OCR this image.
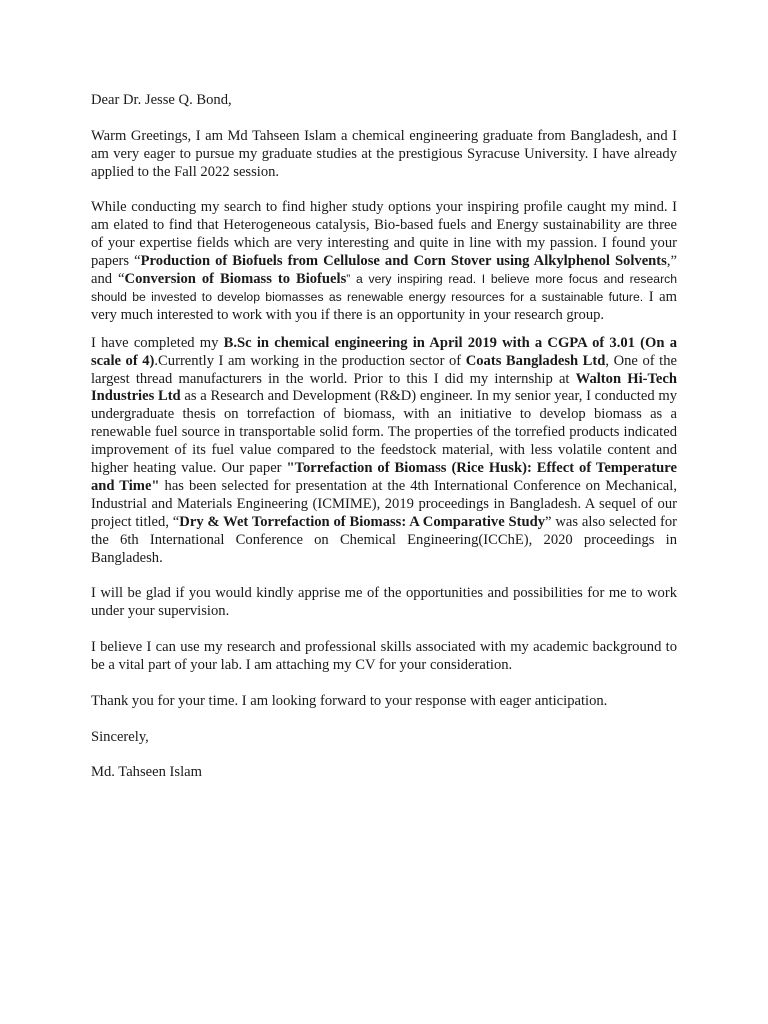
Dear Dr. Jesse Q. Bond,

Warm Greetings, I am Md Tahseen Islam a chemical engineering graduate from Bangladesh, and I am very eager to pursue my graduate studies at the prestigious Syracuse University. I have already applied to the Fall 2022 session.

While conducting my search to find higher study options your inspiring profile caught my mind. I am elated to find that Heterogeneous catalysis, Bio-based fuels and Energy sustainability are three of your expertise fields which are very interesting and quite in line with my passion. I found your papers “Production of Biofuels from Cellulose and Corn Stover using Alkylphenol Solvents,” and “Conversion of Biomass to Biofuels” a very inspiring read. I believe more focus and research should be invested to develop biomasses as renewable energy resources for a sustainable future. I am very much interested to work with you if there is an opportunity in your research group.

I have completed my B.Sc in chemical engineering in April 2019 with a CGPA of 3.01 (On a scale of 4).Currently I am working in the production sector of Coats Bangladesh Ltd, One of the largest thread manufacturers in the world. Prior to this I did my internship at Walton Hi-Tech Industries Ltd as a Research and Development (R&D) engineer. In my senior year, I conducted my undergraduate thesis on torrefaction of biomass, with an initiative to develop biomass as a renewable fuel source in transportable solid form. The properties of the torrefied products indicated improvement of its fuel value compared to the feedstock material, with less volatile content and higher heating value. Our paper "Torrefaction of Biomass (Rice Husk): Effect of Temperature and Time" has been selected for presentation at the 4th International Conference on Mechanical, Industrial and Materials Engineering (ICMIME), 2019 proceedings in Bangladesh. A sequel of our project titled, “Dry & Wet Torrefaction of Biomass: A Comparative Study” was also selected for the 6th International Conference on Chemical Engineering(ICChE), 2020 proceedings in Bangladesh.

I will be glad if you would kindly apprise me of the opportunities and possibilities for me to work under your supervision.

I believe I can use my research and professional skills associated with my academic background to be a vital part of your lab. I am attaching my CV for your consideration.

Thank you for your time. I am looking forward to your response with eager anticipation.

Sincerely,

Md. Tahseen Islam
